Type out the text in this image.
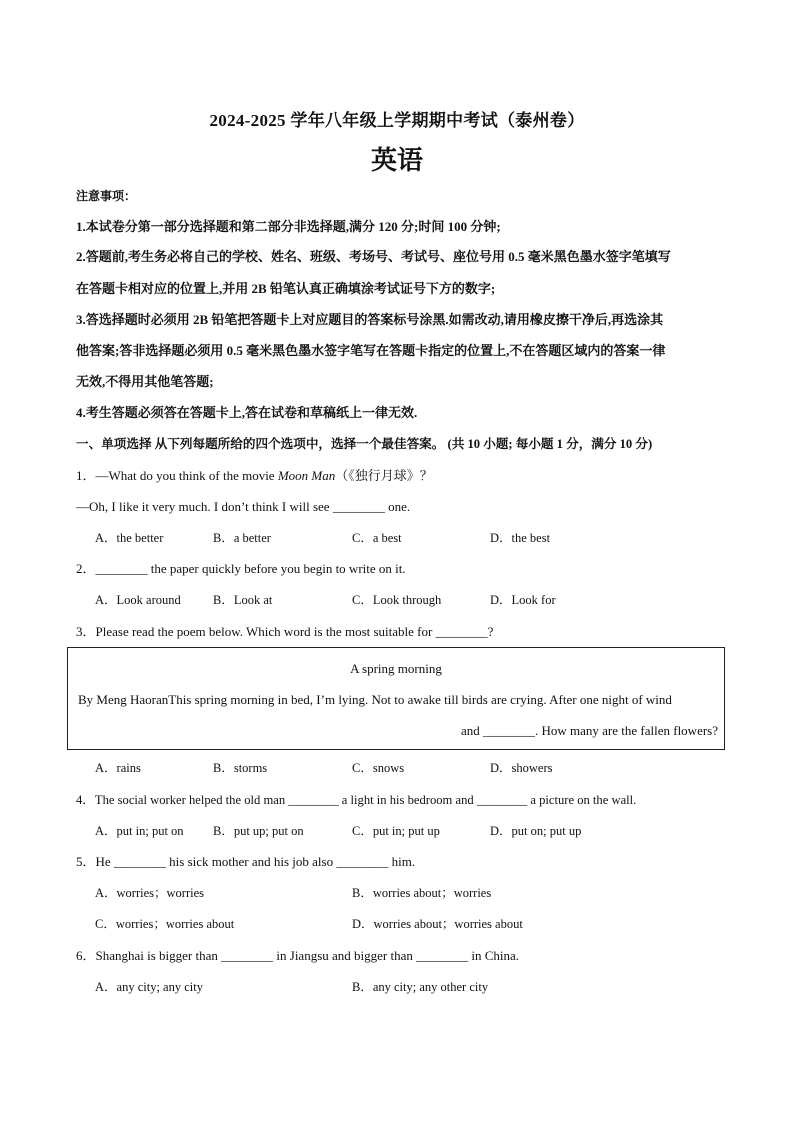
2024-2025 学年八年级上学期期中考试（泰州卷）
英语
注意事项：
1.本试卷分第一部分选择题和第二部分非选择题,满分 120 分;时间 100 分钟;
2.答题前,考生务必将自己的学校、姓名、班级、考场号、考试号、座位号用 0.5 毫米黑色墨水签字笔填写
在答题卡相对应的位置上,并用 2B 铅笔认真正确填涂考试证号下方的数字;
3.答选择题时必须用 2B 铅笔把答题卡上对应题目的答案标号涂黑.如需改动,请用橡皮擦干净后,再选涂其
他答案;答非选择题必须用 0.5 毫米黑色墨水签字笔写在答题卡指定的位置上,不在答题区域内的答案一律
无效,不得用其他笔答题;
4.考生答题必须答在答题卡上,答在试卷和草稿纸上一律无效.
一、单项选择 从下列每题所给的四个选项中，选择一个最佳答案。 (共 10 小题; 每小题 1 分，满分 10 分)
1．—What do you think of the movie Moon Man（《独行月球》？
—Oh, I like it very much. I don’t think I will see ________ one.
A．the better	B．a better	C．a best	D．the best
2．________ the paper quickly before you begin to write on it.
A．Look around	B．Look at	C．Look through	D．Look for
3．Please read the poem below. Which word is the most suitable for ________?
A spring morning
By Meng HaoranThis spring morning in bed, I’m lying. Not to awake till birds are crying. After one night of wind
and ________. How many are the fallen flowers?
A．rains	B．storms	C．snows	D．showers
4．The social worker helped the old man ________ a light in his bedroom and ________ a picture on the wall.
A．put in; put on B．put up; put on	C．put in; put up	D．put on; put up
5．He ________ his sick mother and his job also ________ him.
A．worries；worries	B．worries about；worries
C．worries；worries about	D．worries about；worries about
6．Shanghai is bigger than ________ in Jiangsu and bigger than ________ in China.
A．any city; any city	B．any city; any other city
